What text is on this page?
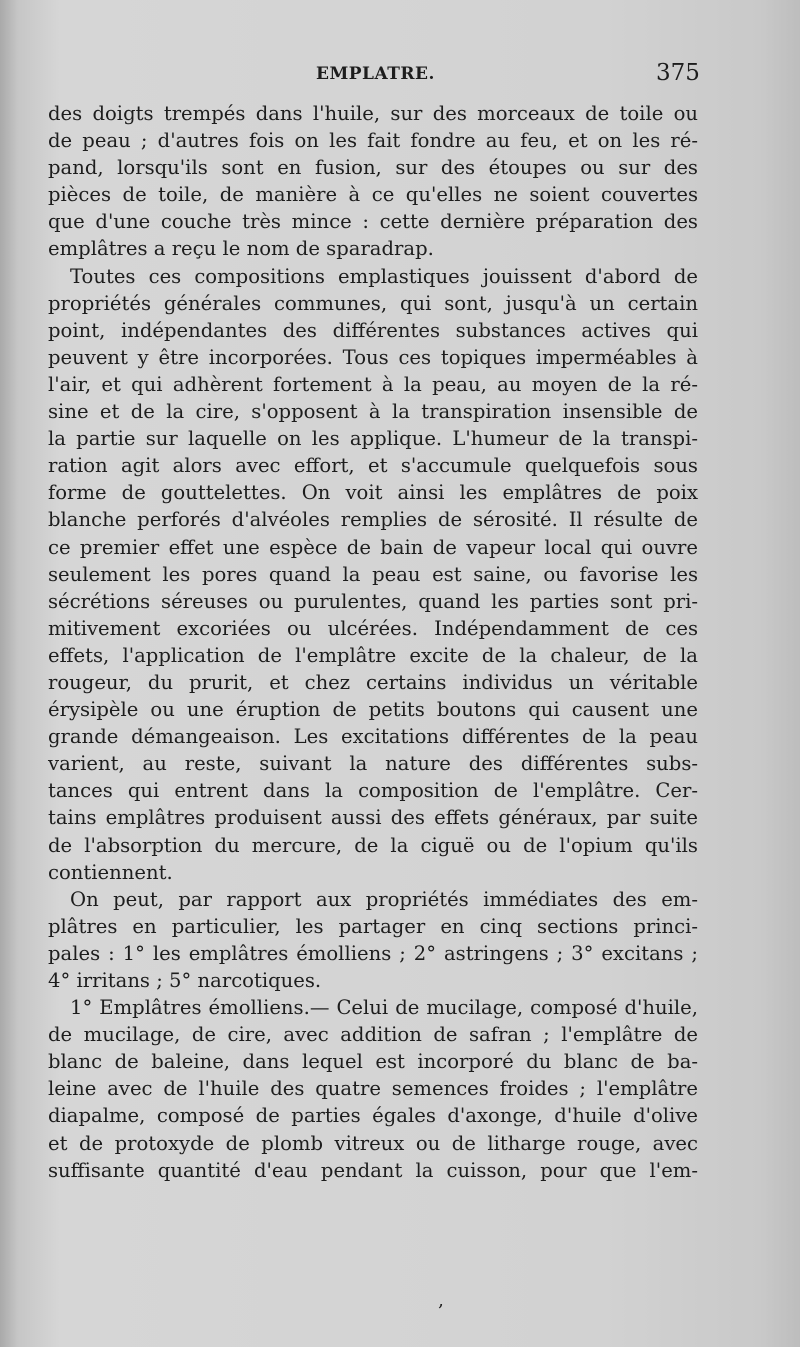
EMPLATRE.	375
des doigts trempés dans l'huile, sur des morceaux de toile ou
de peau ; d'autres fois on les fait fondre au feu, et on les ré-
pand, lorsqu'ils sont en fusion, sur des étoupes ou sur des
pièces de toile, de manière à ce qu'elles ne soient couvertes
que d'une couche très mince : cette dernière préparation des
emplâtres a reçu le nom de sparadrap.
Toutes ces compositions emplastiques jouissent d'abord de
propriétés générales communes, qui sont, jusqu'à un certain
point, indépendantes des différentes substances actives qui
peuvent y être incorporées. Tous ces topiques imperméables à
l'air, et qui adhèrent fortement à la peau, au moyen de la ré-
sine et de la cire, s'opposent à la transpiration insensible de
la partie sur laquelle on les applique. L'humeur de la transpi-
ration agit alors avec effort, et s'accumule quelquefois sous
forme de gouttelettes. On voit ainsi les emplâtres de poix
blanche perforés d'alvéoles remplies de sérosité. Il résulte de
ce premier effet une espèce de bain de vapeur local qui ouvre
seulement les pores quand la peau est saine, ou favorise les
sécrétions séreuses ou purulentes, quand les parties sont pri-
mitivement excoriées ou ulcérées. Indépendamment de ces
effets, l'application de l'emplâtre excite de la chaleur, de la
rougeur, du prurit, et chez certains individus un véritable
érysipèle ou une éruption de petits boutons qui causent une
grande démangeaison. Les excitations différentes de la peau
varient, au reste, suivant la nature des différentes subs-
tances qui entrent dans la composition de l'emplâtre. Cer-
tains emplâtres produisent aussi des effets généraux, par suite
de l'absorption du mercure, de la ciguë ou de l'opium qu'ils
contiennent.
On peut, par rapport aux propriétés immédiates des em-
plâtres en particulier, les partager en cinq sections princi-
pales : 1° les emplâtres émolliens ; 2° astringens ; 3° excitans ;
4° irritans ; 5° narcotiques.
1° Emplâtres émolliens.— Celui de mucilage, composé d'huile,
de mucilage, de cire, avec addition de safran ; l'emplâtre de
blanc de baleine, dans lequel est incorporé du blanc de ba-
leine avec de l'huile des quatre semences froides ; l'emplâtre
diapalme, composé de parties égales d'axonge, d'huile d'olive
et de protoxyde de plomb vitreux ou de litharge rouge, avec
suffisante quantité d'eau pendant la cuisson, pour que l'em-
‚
